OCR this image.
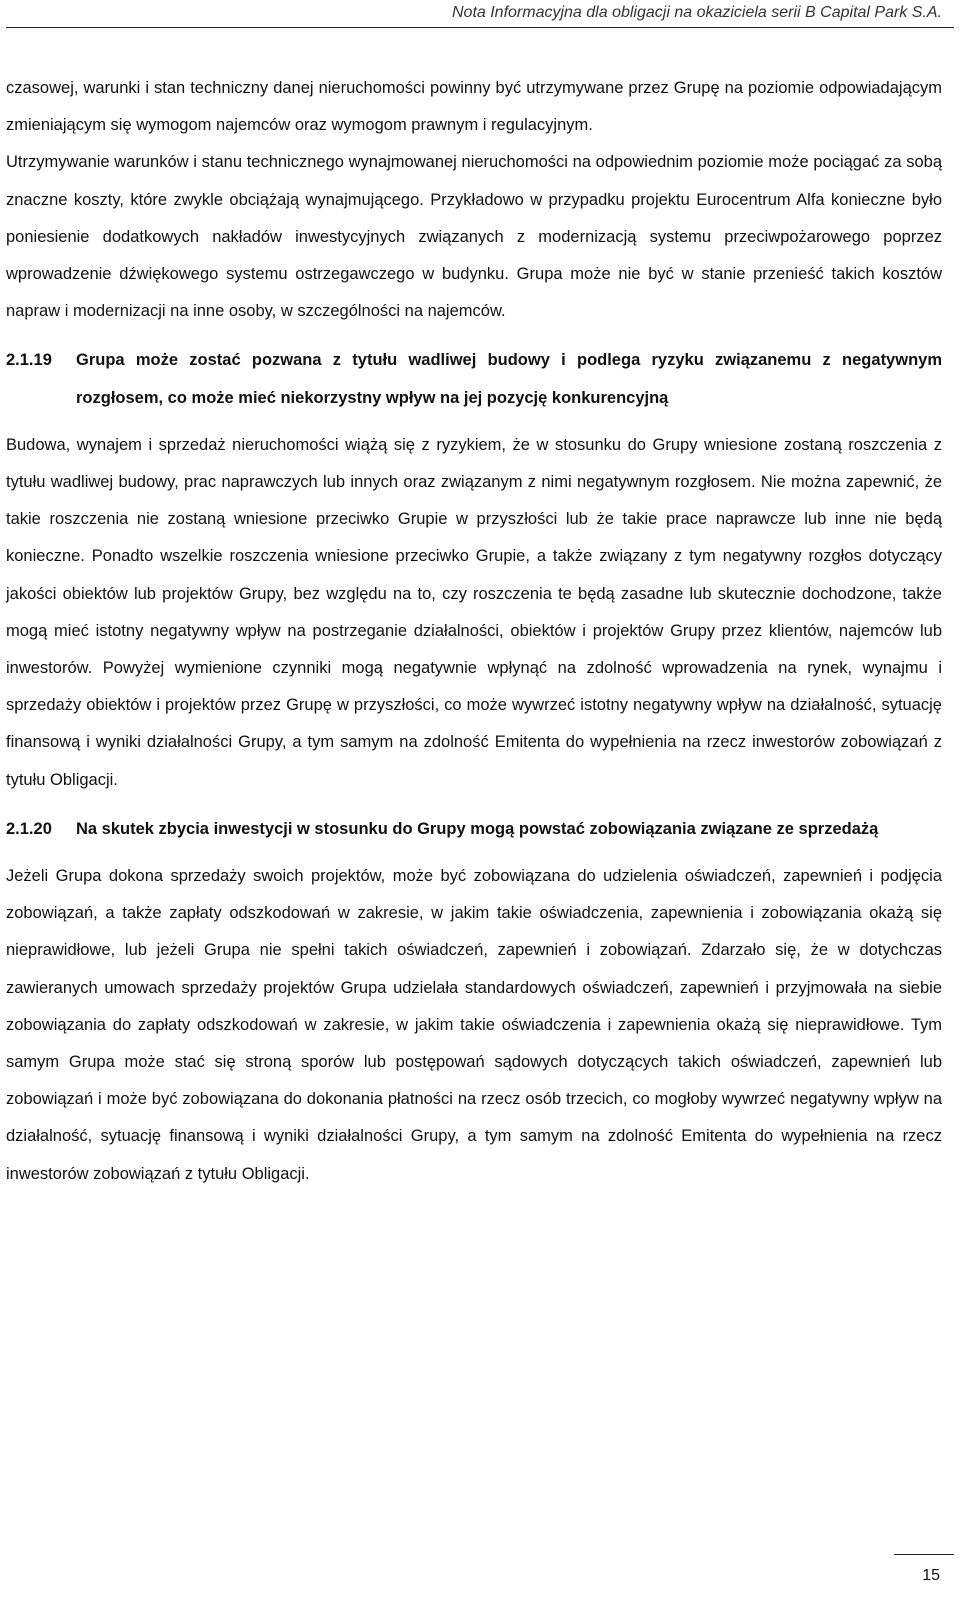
Nota Informacyjna dla obligacji na okaziciela serii B Capital Park S.A.

czasowej, warunki i stan techniczny danej nieruchomości powinny być utrzymywane przez Grupę na poziomie odpowiadającym zmieniającym się wymogom najemców oraz wymogom prawnym i regulacyjnym.

Utrzymywanie warunków i stanu technicznego wynajmowanej nieruchomości na odpowiednim poziomie może pociągać za sobą znaczne koszty, które zwykle obciążają wynajmującego. Przykładowo w przypadku projektu Eurocentrum Alfa konieczne było poniesienie dodatkowych nakładów inwestycyjnych związanych z modernizacją systemu przeciwpożarowego poprzez wprowadzenie dźwiękowego systemu ostrzegawczego w budynku. Grupa może nie być w stanie przenieść takich kosztów napraw i modernizacji na inne osoby, w szczególności na najemców.

2.1.19	Grupa może zostać pozwana z tytułu wadliwej budowy i podlega ryzyku związanemu z negatywnym rozgłosem, co może mieć niekorzystny wpływ na jej pozycję konkurencyjną

Budowa, wynajem i sprzedaż nieruchomości wiążą się z ryzykiem, że w stosunku do Grupy wniesione zostaną roszczenia z tytułu wadliwej budowy, prac naprawczych lub innych oraz związanym z nimi negatywnym rozgłosem. Nie można zapewnić, że takie roszczenia nie zostaną wniesione przeciwko Grupie w przyszłości lub że takie prace naprawcze lub inne nie będą konieczne. Ponadto wszelkie roszczenia wniesione przeciwko Grupie, a także związany z tym negatywny rozgłos dotyczący jakości obiektów lub projektów Grupy, bez względu na to, czy roszczenia te będą zasadne lub skutecznie dochodzone, także mogą mieć istotny negatywny wpływ na postrzeganie działalności, obiektów i projektów Grupy przez klientów, najemców lub inwestorów. Powyżej wymienione czynniki mogą negatywnie wpłynąć na zdolność wprowadzenia na rynek, wynajmu i sprzedaży obiektów i projektów przez Grupę w przyszłości, co może wywrzeć istotny negatywny wpływ na działalność, sytuację finansową i wyniki działalności Grupy, a tym samym na zdolność Emitenta do wypełnienia na rzecz inwestorów zobowiązań z tytułu Obligacji.

2.1.20	Na skutek zbycia inwestycji w stosunku do Grupy mogą powstać zobowiązania związane ze sprzedażą

Jeżeli Grupa dokona sprzedaży swoich projektów, może być zobowiązana do udzielenia oświadczeń, zapewnień i podjęcia zobowiązań, a także zapłaty odszkodowań w zakresie, w jakim takie oświadczenia, zapewnienia i zobowiązania okażą się nieprawidłowe, lub jeżeli Grupa nie spełni takich oświadczeń, zapewnień i zobowiązań. Zdarzało się, że w dotychczas zawieranych umowach sprzedaży projektów Grupa udzielała standardowych oświadczeń, zapewnień i przyjmowała na siebie zobowiązania do zapłaty odszkodowań w zakresie, w jakim takie oświadczenia i zapewnienia okażą się nieprawidłowe. Tym samym Grupa może stać się stroną sporów lub postępowań sądowych dotyczących takich oświadczeń, zapewnień lub zobowiązań i może być zobowiązana do dokonania płatności na rzecz osób trzecich, co mogłoby wywrzeć negatywny wpływ na działalność, sytuację finansową i wyniki działalności Grupy, a tym samym na zdolność Emitenta do wypełnienia na rzecz inwestorów zobowiązań z tytułu Obligacji.

15
